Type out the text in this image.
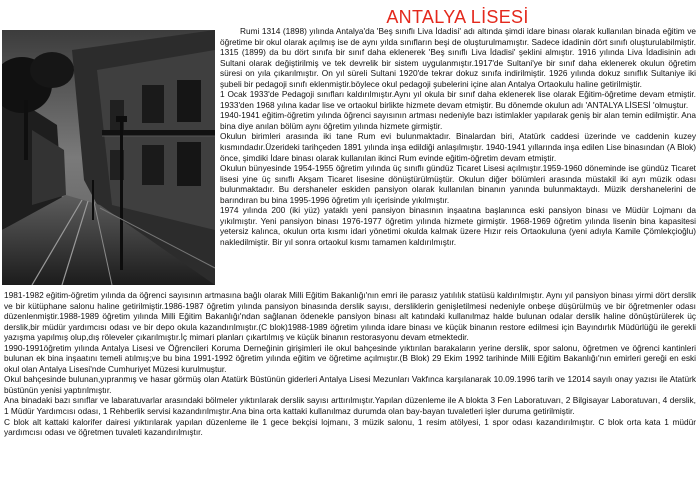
ANTALYA LİSESİ

Rumi 1314 (1898) yılında Antalya'da 'Beş sınıflı Liva İdadisi' adı altında şimdi idare binası olarak kullanılan binada eğitim ve öğretime bir okul olarak açılmış ise de aynı yılda sınıfların beşi de oluşturulmamıştır. Sadece idadinin dört sınıfı oluşturulabilmiştir. 1315 (1899) da bu dört sınıfa bir sınıf daha eklenerek 'Beş sınıflı Liva İdadisi' şeklini almıştır. 1916 yılında Liva İdadisinin adı Sultani olarak değiştirilmiş ve tek devrelik bir sistem uygulanmıştır.1917'de Sultani'ye bir sınıf daha eklenerek okulun öğretim süresi on yıla çıkarılmıştır. On yıl süreli Sultani 1920'de tekrar dokuz sınıfa indirilmiştir. 1926 yılında dokuz sınıflık Sultaniye iki şubeli bir pedagoji sınıfı eklenmiştir.böylece okul pedagoji şubelerini içine alan Antalya Ortaokulu haline getirilmiştir.

1 Ocak 1933'de Pedagoji sınıfları kaldırılmıştır.Aynı yıl okula bir sınıf daha eklenerek lise olarak Eğitim-öğretime devam etmiştir. 1933'den 1968 yılına kadar lise ve ortaokul birlikte hizmete devam etmiştir. Bu dönemde okulun adı 'ANTALYA LİSESİ 'olmuştur.

1940-1941 eğitim-öğretim yılında öğrenci sayısının artması nedeniyle bazı istimlakler yapılarak geniş bir alan temin edilmiştir. Ana bina diye anılan bölüm aynı öğretim yılında hizmete girmiştir.

Okulun birimleri arasında iki tane Rum evi bulunmaktadır. Binalardan biri, Atatürk caddesi üzerinde ve caddenin kuzey kısmındadır.Üzerideki tarihçeden 1891 yılında inşa edildiği anlaşılmıştır. 1940-1941 yıllarında inşa edilen Lise binasından (A Blok) önce, şimdiki İdare binası olarak kullanılan ikinci Rum evinde eğitim-öğretim devam etmiştir.

Okulun bünyesinde 1954-1955 öğretim yılında üç sınıflı gündüz Ticaret Lisesi açılmıştır.1959-1960 döneminde ise gündüz Ticaret lisesi yine üç sınıflı Akşam Ticaret lisesine dönüştürülmüştür. Okulun diğer bölümleri arasında müstakil iki ayrı müzik odası bulunmaktadır. Bu dershaneler eskiden pansiyon olarak kullanılan binanın yanında bulunmaktaydı. Müzik dershanelerini de barındıran bu bina 1995-1996 öğretim yılı içerisinde yıkılmıştır.

1974 yılında 200 (iki yüz) yataklı yeni pansiyon binasının inşaatına başlanınca eski pansiyon binası ve Müdür Lojmanı da yıkılmıştır. Yeni pansiyon binası 1976-1977 öğretim yılında hizmete girmiştir. 1968-1969 öğretim yılında lisenin bina kapasitesi yetersiz kalınca, okulun orta kısmı idari yönetimi okulda kalmak üzere Hızır reis Ortaokuluna (yeni adıyla Kamile Çömlekçioğlu) nakledilmiştir. Bir yıl sonra ortaokul kısmı tamamen kaldırılmıştır.

1981-1982 eğitim-öğretim yılında da öğrenci sayısının artmasına bağlı olarak Milli Eğitim Bakanlığı'nın emri ile parasız yatılılık statüsü kaldırılmıştır. Aynı yıl pansiyon binası yirmi dört derslik ve bir kütüphane salonu haline getirilmiştir.1986-1987 öğretim yılında pansiyon binasında derslik sayısı, dersliklerin genişletilmesi nedeniyle onbeşe düşürülmüş ve bir öğretmenler odası düzenlenmiştir.1988-1989 öğretim yılında Milli Eğitim Bakanlığı'ndan sağlanan ödenekle pansiyon binası alt katındaki kullanılmaz halde bulunan odalar derslik haline dönüştürülerek üç derslik,bir müdür yardımcısı odası ve bir depo okula kazandırılmıştır.(C blok)1988-1989 öğretim yılında idare binası ve küçük binanın restore edilmesi için Bayındırlık Müdürlüğü ile gerekli yazışma yapılmış olup,dış röleveler çıkarılmıştır.İç mimari planları çıkartılmış ve küçük binanın restorasyonu devam etmektedir.

1990-1991öğretim yılında Antalya Lisesi ve Öğrencileri Koruma Derneğinin girişimleri ile okul bahçesinde yıktırılan barakaların yerine derslik, spor salonu, öğretmen ve öğrenci kantinleri bulunan ek bina inşaatını temeli atılmış;ve bu bina 1991-1992 öğretim yılında eğitim ve öğretime açılmıştır.(B Blok) 29 Ekim 1992 tarihinde Milli Eğitim Bakanlığı'nın emirleri gereği en eski okul olan Antalya Lisesi'nde Cumhuriyet Müzesi kurulmuştur.

Okul bahçesinde bulunan,yıpranmış ve hasar görmüş olan Atatürk Büstünün giderleri Antalya Lisesi Mezunları Vakfınca karşılanarak 10.09.1996 tarih ve 12014 sayılı onay yazısı ile Atatürk büstünün yenisi yaptırılmıştır.

Ana binadaki bazı sınıflar ve labaratuvarlar arasındaki bölmeler yıktırılarak derslik sayısı arttırılmıştır.Yapılan düzenleme ile A blokta 3 Fen Laboratuvarı, 2 Bilgisayar Laboratuvarı, 4 derslik, 1 Müdür Yardımcısı odası, 1 Rehberlik servisi kazandırılmıştır.Ana bina orta kattaki kullanılmaz durumda olan bay-bayan tuvaletleri işler duruma getirilmiştir.

C blok alt kattaki kalorifer dairesi yıktırılarak yapılan düzenleme ile 1 gece bekçisi lojmanı, 3 müzik salonu, 1 resim atölyesi, 1 spor odası kazandırılmıştır. C blok orta kata 1 müdür yardımcısı odası ve öğretmen tuvaleti kazandırılmıştır.
